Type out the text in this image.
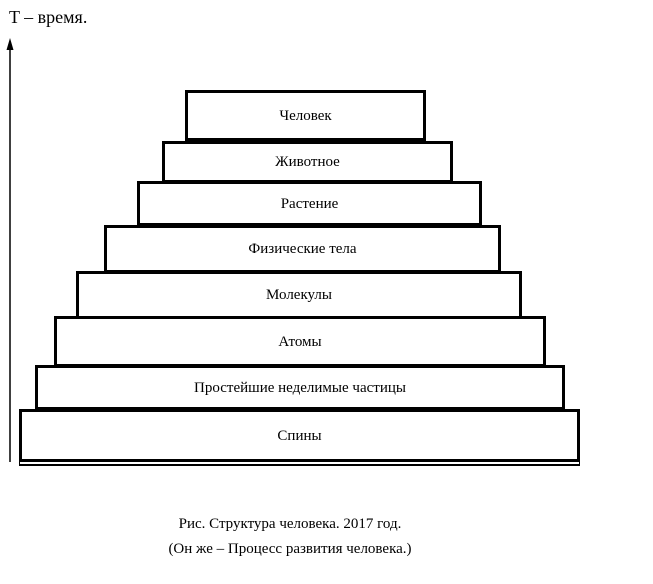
T – время.
Человек
Животное
Растение
Физические тела
Молекулы
Атомы
Простейшие неделимые частицы
Спины
Рис. Структура человека. 2017 год.
(Он же – Процесс развития человека.)
